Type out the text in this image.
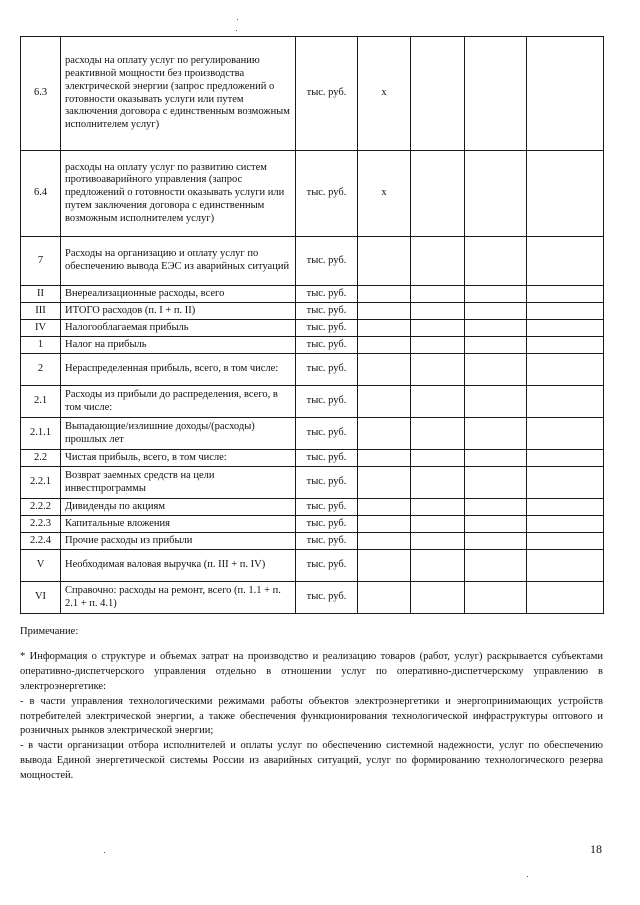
6.3	расходы на оплату услуг по регулированию реактивной мощности без производства электрической энергии (запрос предложений о готовности оказывать услуги или путем заключения договора с единственным возможным исполнителем услуг)	тыс. руб.	х			
6.4	расходы на оплату услуг по развитию систем противоаварийного управления (запрос предложений о готовности оказывать услуги или путем заключения договора с единственным возможным исполнителем услуг)	тыс. руб.	х			
7	Расходы на организацию и оплату услуг по обеспечению вывода ЕЭС из аварийных ситуаций	тыс. руб.				
II	Внереализационные расходы, всего	тыс. руб.				
III	ИТОГО расходов (п. I + п. II)	тыс. руб.				
IV	Налогооблагаемая прибыль	тыс. руб.				
1	Налог на прибыль	тыс. руб.				
2	Нераспределенная прибыль, всего, в том числе:	тыс. руб.				
2.1	Расходы из прибыли до распределения, всего, в том числе:	тыс. руб.				
2.1.1	Выпадающие/излишние доходы/(расходы) прошлых лет	тыс. руб.				
2.2	Чистая прибыль, всего, в том числе:	тыс. руб.				
2.2.1	Возврат заемных средств на цели инвестпрограммы	тыс. руб.				
2.2.2	Дивиденды по акциям	тыс. руб.				
2.2.3	Капитальные вложения	тыс. руб.				
2.2.4	Прочие расходы из прибыли	тыс. руб.				
V	Необходимая валовая выручка (п. III + п. IV)	тыс. руб.				
VI	Справочно: расходы на ремонт, всего (п. 1.1 + п. 2.1 + п. 4.1)	тыс. руб.				

Примечание:

* Информация о структуре и объемах затрат на производство и реализацию товаров (работ, услуг) раскрывается субъектами оперативно-диспетчерского управления отдельно в отношении услуг по оперативно-диспетчерскому управлению в электроэнергетике:

- в части управления технологическими режимами работы объектов электроэнергетики и энергопринимающих устройств потребителей электрической энергии, а также обеспечения функционирования технологической инфраструктуры оптового и розничных рынков электрической энергии;

- в части организации отбора исполнителей и оплаты услуг по обеспечению системной надежности, услуг по обеспечению вывода Единой энергетической системы России из аварийных ситуаций, услуг по формированию технологического резерва мощностей.

18
